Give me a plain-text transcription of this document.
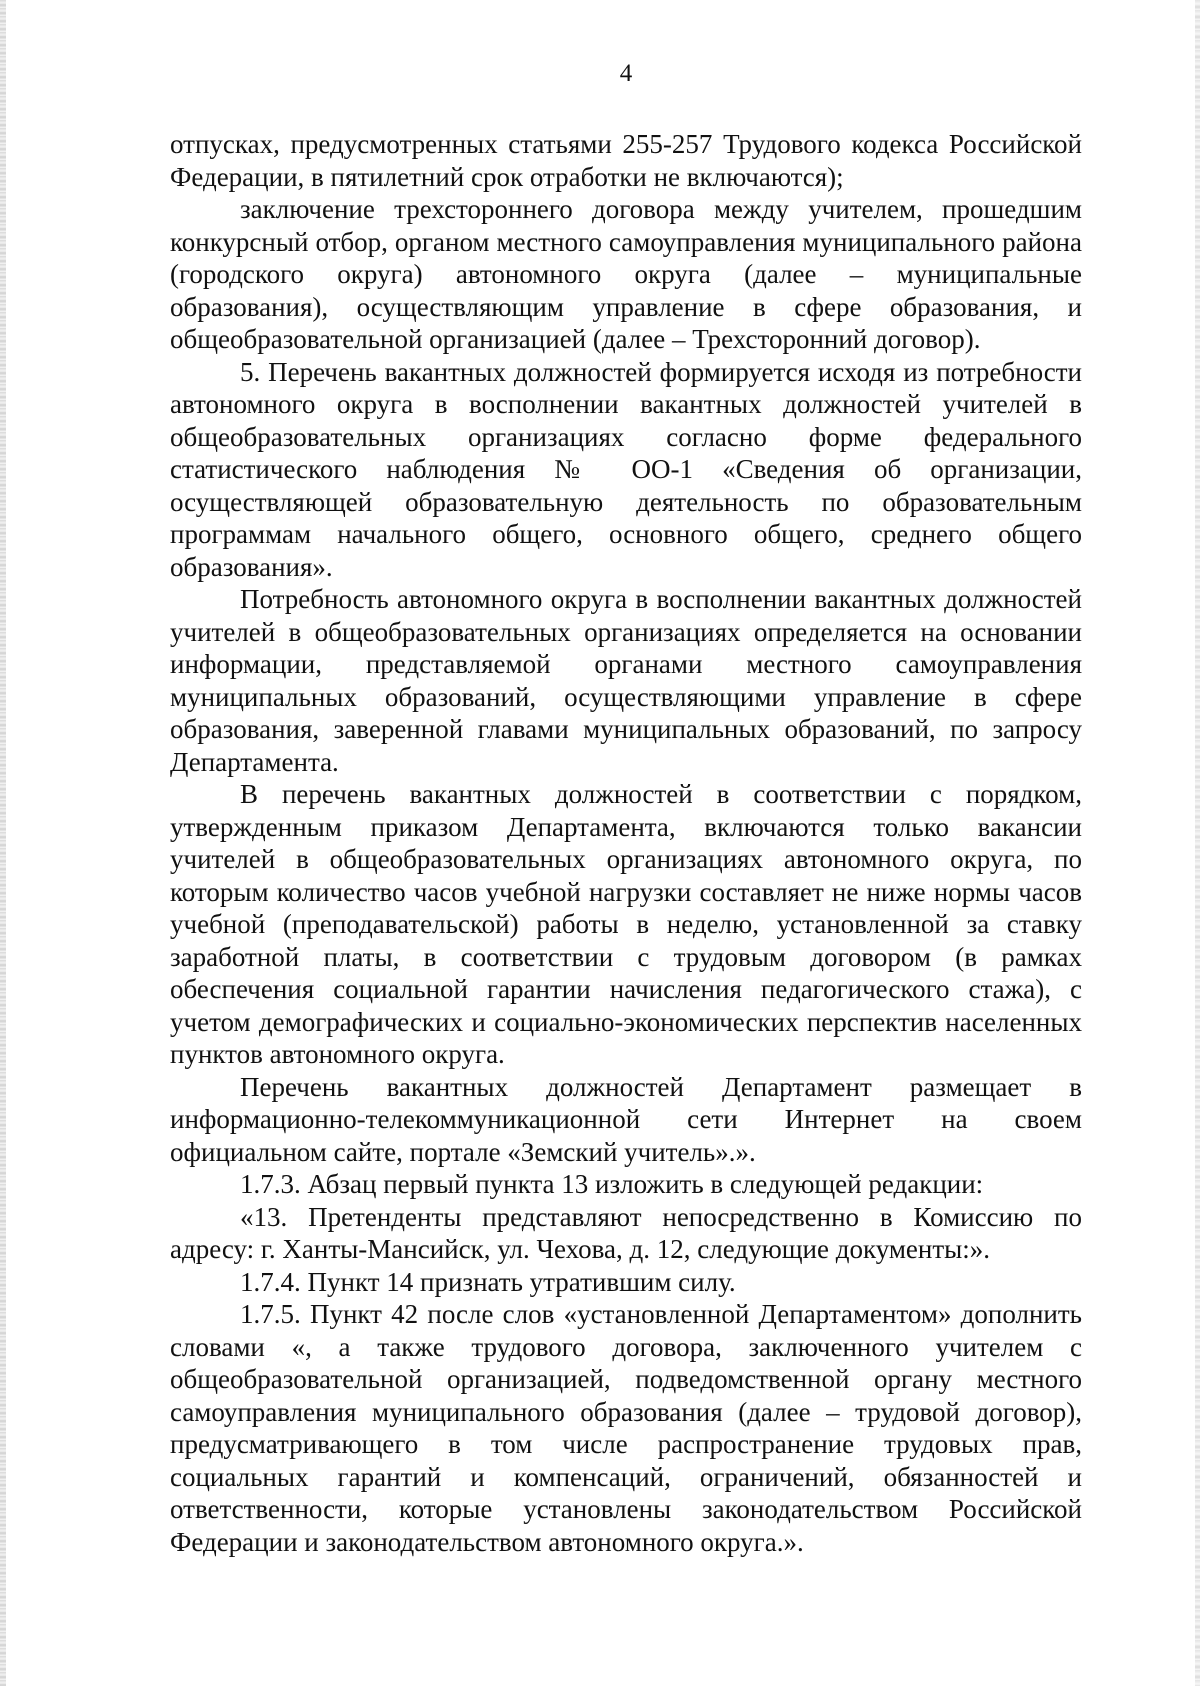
4

отпусках, предусмотренных статьями 255-257 Трудового кодекса Российской Федерации, в пятилетний срок отработки не включаются);

заключение трехстороннего договора между учителем, прошедшим конкурсный отбор, органом местного самоуправления муниципального района (городского округа) автономного округа (далее – муниципальные образования), осуществляющим управление в сфере образования, и общеобразовательной организацией (далее – Трехсторонний договор).

5. Перечень вакантных должностей формируется исходя из потребности автономного округа в восполнении вакантных должностей учителей в общеобразовательных организациях согласно форме федерального статистического наблюдения № ОО-1 «Сведения об организации, осуществляющей образовательную деятельность по образовательным программам начального общего, основного общего, среднего общего образования».

Потребность автономного округа в восполнении вакантных должностей учителей в общеобразовательных организациях определяется на основании информации, представляемой органами местного самоуправления муниципальных образований, осуществляющими управление в сфере образования, заверенной главами муниципальных образований, по запросу Департамента.

В перечень вакантных должностей в соответствии с порядком, утвержденным приказом Департамента, включаются только вакансии учителей в общеобразовательных организациях автономного округа, по которым количество часов учебной нагрузки составляет не ниже нормы часов учебной (преподавательской) работы в неделю, установленной за ставку заработной платы, в соответствии с трудовым договором (в рамках обеспечения социальной гарантии начисления педагогического стажа), с учетом демографических и социально-экономических перспектив населенных пунктов автономного округа.

Перечень вакантных должностей Департамент размещает в информационно-телекоммуникационной сети Интернет на своем официальном сайте, портале «Земский учитель».».

1.7.3. Абзац первый пункта 13 изложить в следующей редакции:

«13. Претенденты представляют непосредственно в Комиссию по адресу: г. Ханты-Мансийск, ул. Чехова, д. 12, следующие документы:».

1.7.4. Пункт 14 признать утратившим силу.

1.7.5. Пункт 42 после слов «установленной Департаментом» дополнить словами «, а также трудового договора, заключенного учителем с общеобразовательной организацией, подведомственной органу местного самоуправления муниципального образования (далее – трудовой договор), предусматривающего в том числе распространение трудовых прав, социальных гарантий и компенсаций, ограничений, обязанностей и ответственности, которые установлены законодательством Российской Федерации и законодательством автономного округа.».
